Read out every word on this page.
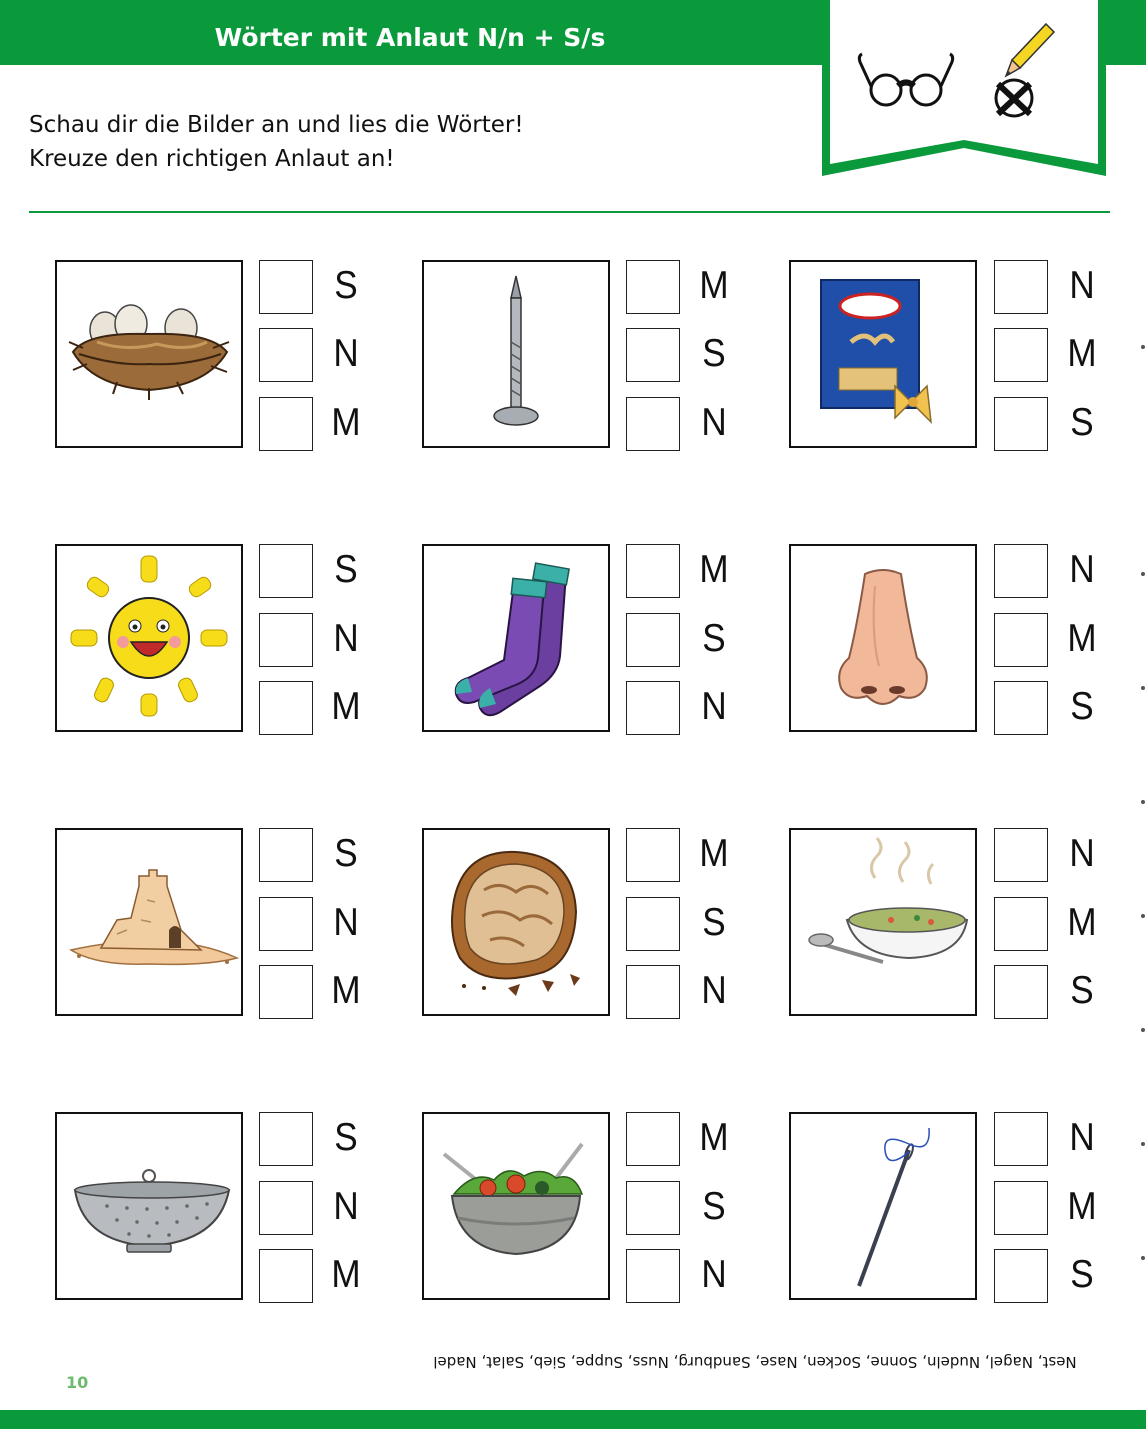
Wörter mit Anlaut N/n + S/s
Schau dir die Bilder an und lies die Wörter!
Kreuze den richtigen Anlaut an!
S
N
M
M
S
N
N
M
S
S
N
M
M
S
N
N
M
S
S
N
M
M
S
N
N
M
S
S
N
M
M
S
N
N
M
S
Nest, Nagel, Nudeln, Sonne, Socken, Nase, Sandburg, Nuss, Suppe, Sieb, Salat, Nadel
10
